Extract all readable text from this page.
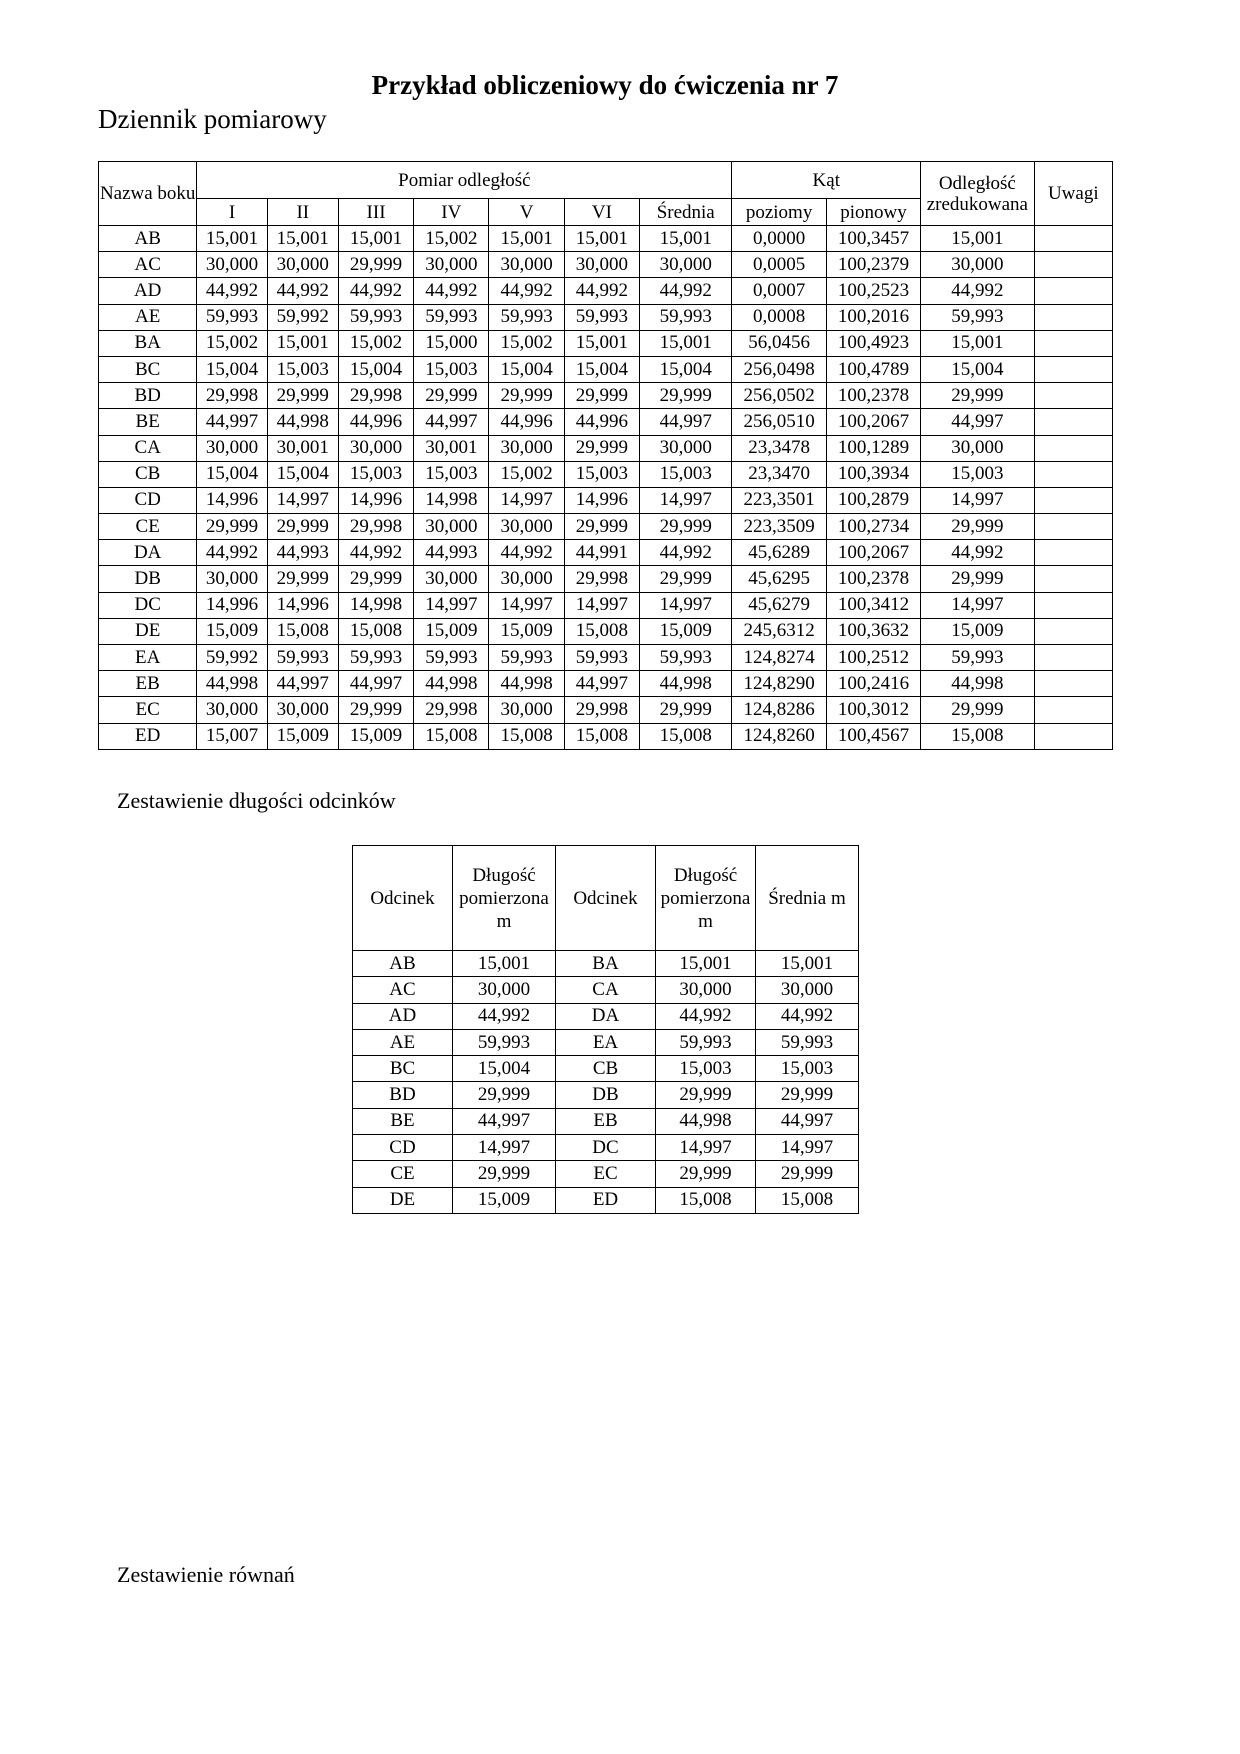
Przykład obliczeniowy do ćwiczenia nr 7
Dziennik pomiarowy
Nazwa boku	Pomiar odległość							Kąt		Odległość zredukowana	Uwagi
	I	II	III	IV	V	VI	Średnia	poziomy	pionowy		
AB	15,001	15,001	15,001	15,002	15,001	15,001	15,001	0,0000	100,3457	15,001	
AC	30,000	30,000	29,999	30,000	30,000	30,000	30,000	0,0005	100,2379	30,000	
AD	44,992	44,992	44,992	44,992	44,992	44,992	44,992	0,0007	100,2523	44,992	
AE	59,993	59,992	59,993	59,993	59,993	59,993	59,993	0,0008	100,2016	59,993	
BA	15,002	15,001	15,002	15,000	15,002	15,001	15,001	56,0456	100,4923	15,001	
BC	15,004	15,003	15,004	15,003	15,004	15,004	15,004	256,0498	100,4789	15,004	
BD	29,998	29,999	29,998	29,999	29,999	29,999	29,999	256,0502	100,2378	29,999	
BE	44,997	44,998	44,996	44,997	44,996	44,996	44,997	256,0510	100,2067	44,997	
CA	30,000	30,001	30,000	30,001	30,000	29,999	30,000	23,3478	100,1289	30,000	
CB	15,004	15,004	15,003	15,003	15,002	15,003	15,003	23,3470	100,3934	15,003	
CD	14,996	14,997	14,996	14,998	14,997	14,996	14,997	223,3501	100,2879	14,997	
CE	29,999	29,999	29,998	30,000	30,000	29,999	29,999	223,3509	100,2734	29,999	
DA	44,992	44,993	44,992	44,993	44,992	44,991	44,992	45,6289	100,2067	44,992	
DB	30,000	29,999	29,999	30,000	30,000	29,998	29,999	45,6295	100,2378	29,999	
DC	14,996	14,996	14,998	14,997	14,997	14,997	14,997	45,6279	100,3412	14,997	
DE	15,009	15,008	15,008	15,009	15,009	15,008	15,009	245,6312	100,3632	15,009	
EA	59,992	59,993	59,993	59,993	59,993	59,993	59,993	124,8274	100,2512	59,993	
EB	44,998	44,997	44,997	44,998	44,998	44,997	44,998	124,8290	100,2416	44,998	
EC	30,000	30,000	29,999	29,998	30,000	29,998	29,999	124,8286	100,3012	29,999	
ED	15,007	15,009	15,009	15,008	15,008	15,008	15,008	124,8260	100,4567	15,008	
Zestawienie długości odcinków
Odcinek	Długość pomierzona m	Odcinek	Długość pomierzona m	Średnia m
AB	15,001	BA	15,001	15,001
AC	30,000	CA	30,000	30,000
AD	44,992	DA	44,992	44,992
AE	59,993	EA	59,993	59,993
BC	15,004	CB	15,003	15,003
BD	29,999	DB	29,999	29,999
BE	44,997	EB	44,998	44,997
CD	14,997	DC	14,997	14,997
CE	29,999	EC	29,999	29,999
DE	15,009	ED	15,008	15,008
Zestawienie równań
